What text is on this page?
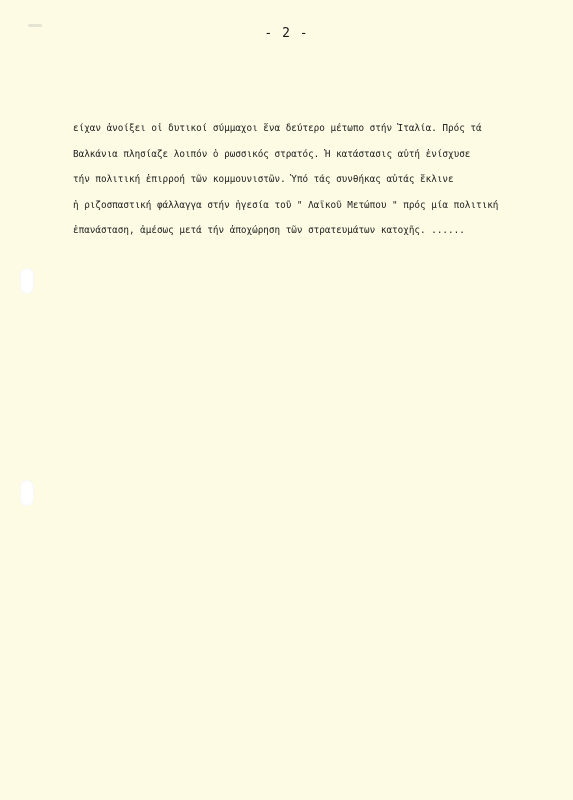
- 2 -
είχαν ἀνοίξει οἱ δυτικοί σύμμαχοι ἕνα δεύτερο μέτωπο στήν Ἰταλία. Πρός τά
Βαλκάνια πλησίαζε λοιπόν ὁ ρωσσικός στρατός. Ἡ κατάστασις αὐτή ἐνίσχυσε
τήν πολιτική ἐπιρροή τῶν κομμουνιστῶν. Ὑπό τάς συνθήκας αὐτάς ἔκλινε
ἡ ριζοσπαστική φάλλαγγα στήν ἡγεσία τοῦ " Λαϊκοῦ Μετώπου " πρός μία πολιτική
ἐπανάσταση, ἀμέσως μετά τήν ἀποχώρηση τῶν στρατευμάτων κατοχῆς. ......
